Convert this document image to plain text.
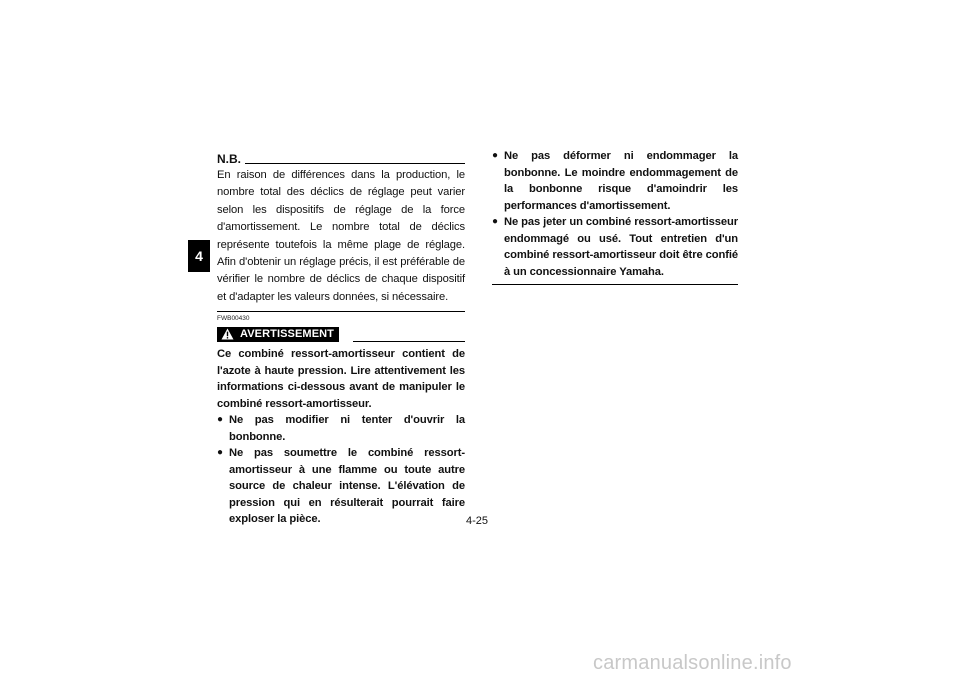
4
N.B.

En raison de différences dans la production, le nombre total des déclics de réglage peut varier selon les dispositifs de réglage de la force d'amortissement. Le nombre total de déclics représente toutefois la même plage de réglage. Afin d'obtenir un réglage précis, il est préférable de vérifier le nombre de déclics de chaque dispositif et d'adapter les valeurs données, si nécessaire.

FWB00430
AVERTISSEMENT

Ce combiné ressort-amortisseur contient de l'azote à haute pression. Lire attentivement les informations ci-dessous avant de manipuler le combiné ressort-amortisseur.

● Ne pas modifier ni tenter d'ouvrir la bonbonne.
● Ne pas soumettre le combiné ressort-amortisseur à une flamme ou toute autre source de chaleur intense. L'élévation de pression qui en résulterait pourrait faire exploser la pièce.
● Ne pas déformer ni endommager la bonbonne. Le moindre endommagement de la bonbonne risque d'amoindrir les performances d'amortissement.
● Ne pas jeter un combiné ressort-amortisseur endommagé ou usé. Tout entretien d'un combiné ressort-amortisseur doit être confié à un concessionnaire Yamaha.
4-25
carmanualsonline.info
